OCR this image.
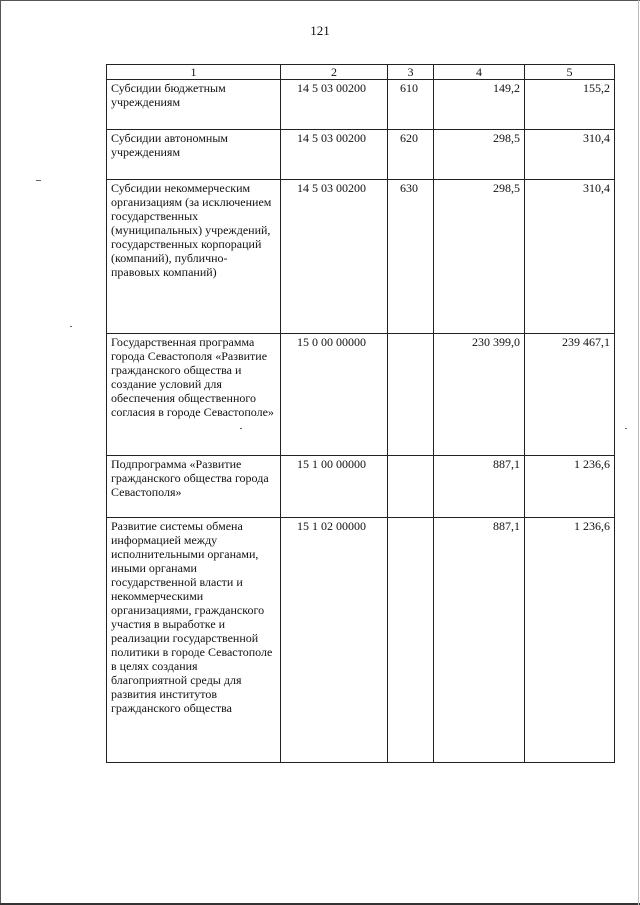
121
1	2	3	4	5
Субсидии бюджетным учреждениям	14 5 03 00200	610	149,2	155,2
Субсидии автономным учреждениям	14 5 03 00200	620	298,5	310,4
Субсидии некоммерческим организациям (за исключением государственных (муниципальных) учреждений, государственных корпораций (компаний), публично-правовых компаний)	14 5 03 00200	630	298,5	310,4
Государственная программа города Севастополя «Развитие гражданского общества и создание условий для обеспечения общественного согласия в городе Севастополе»	15 0 00 00000		230 399,0	239 467,1
Подпрограмма «Развитие гражданского общества города Севастополя»	15 1 00 00000		887,1	1 236,6
Развитие системы обмена информацией между исполнительными органами, иными органами государственной власти и некоммерческими организациями, гражданского участия в выработке и реализации государственной политики в городе Севастополе в целях создания благоприятной среды для развития институтов гражданского общества	15 1 02 00000		887,1	1 236,6
